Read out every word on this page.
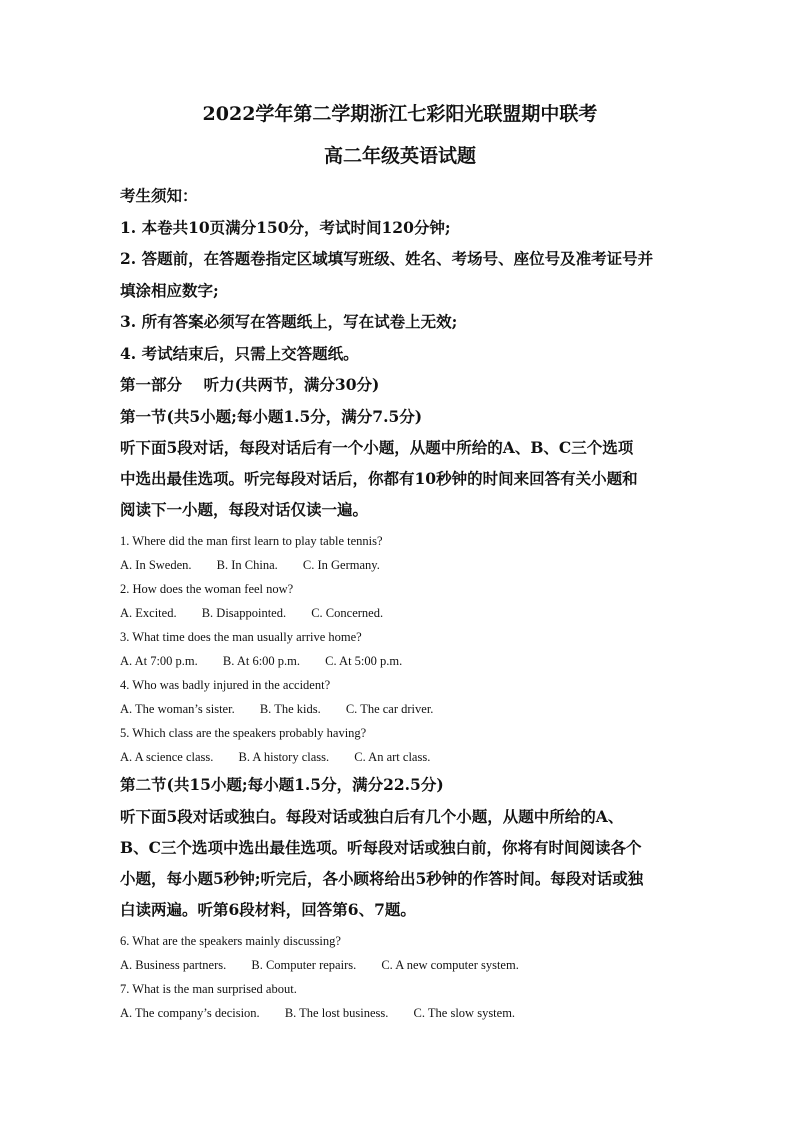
2022学年第二学期浙江七彩阳光联盟期中联考
高二年级英语试题

考生须知：

1. 本卷共10页满分150分，考试时间120分钟;

2. 答题前，在答题卷指定区域填写班级、姓名、考场号、座位号及准考证号并

填涂相应数字;

3. 所有答案必须写在答题纸上，写在试卷上无效;

4. 考试结束后，只需上交答题纸。

第一部分    听力(共两节，满分30分)

第一节(共5小题;每小题1.5分，满分7.5分)

听下面5段对话，每段对话后有一个小题，从题中所给的A、B、C三个选项

中选出最佳选项。听完每段对话后，你都有10秒钟的时间来回答有关小题和

阅读下一小题，每段对话仅读一遍。

1. Where did the man first learn to play table tennis?

A. In Sweden. B. In China. C. In Germany.

2. How does the woman feel now?

A. Excited. B. Disappointed. C. Concerned.

3. What time does the man usually arrive home?

A. At 7:00 p.m. B. At 6:00 p.m. C. At 5:00 p.m.

4. Who was badly injured in the accident?

A. The woman’s sister. B. The kids. C. The car driver.

5. Which class are the speakers probably having?

A. A science class. B. A history class. C. An art class.

第二节(共15小题;每小题1.5分，满分22.5分)

听下面5段对话或独白。每段对话或独白后有几个小题，从题中所给的A、

B、C三个选项中选出最佳选项。听每段对话或独白前，你将有时间阅读各个

小题，每小题5秒钟;听完后，各小顾将给出5秒钟的作答时间。每段对话或独

白读两遍。听第6段材料，回答第6、7题。

6. What are the speakers mainly discussing?

A. Business partners. B. Computer repairs. C. A new computer system.

7. What is the man surprised about.

A. The company’s decision. B. The lost business. C. The slow system.
